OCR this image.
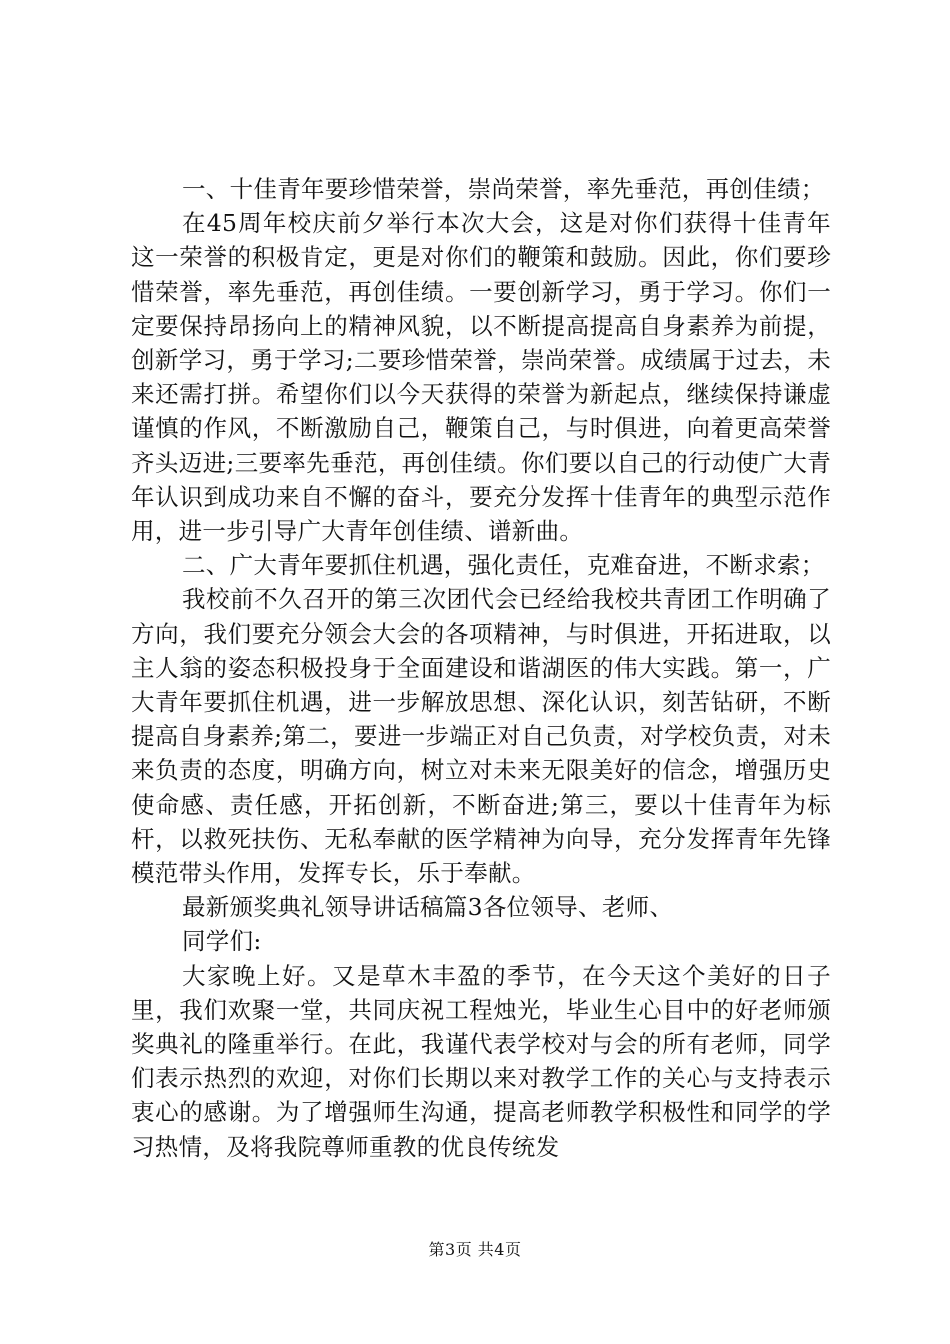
一、十佳青年要珍惜荣誉，崇尚荣誉，率先垂范，再创佳绩；

在45周年校庆前夕举行本次大会，这是对你们获得十佳青年这一荣誉的积极肯定，更是对你们的鞭策和鼓励。因此，你们要珍惜荣誉，率先垂范，再创佳绩。一要创新学习，勇于学习。你们一定要保持昂扬向上的精神风貌，以不断提高提高自身素养为前提，创新学习，勇于学习;二要珍惜荣誉，崇尚荣誉。成绩属于过去，未来还需打拼。希望你们以今天获得的荣誉为新起点，继续保持谦虚谨慎的作风，不断激励自己，鞭策自己，与时俱进，向着更高荣誉齐头迈进;三要率先垂范，再创佳绩。你们要以自己的行动使广大青年认识到成功来自不懈的奋斗，要充分发挥十佳青年的典型示范作用，进一步引导广大青年创佳绩、谱新曲。

二、广大青年要抓住机遇，强化责任，克难奋进，不断求索；

我校前不久召开的第三次团代会已经给我校共青团工作明确了方向，我们要充分领会大会的各项精神，与时俱进，开拓进取，以主人翁的姿态积极投身于全面建设和谐湖医的伟大实践。第一，广大青年要抓住机遇，进一步解放思想、深化认识，刻苦钻研，不断提高自身素养;第二，要进一步端正对自己负责，对学校负责，对未来负责的态度，明确方向，树立对未来无限美好的信念，增强历史使命感、责任感，开拓创新，不断奋进;第三，要以十佳青年为标杆，以救死扶伤、无私奉献的医学精神为向导，充分发挥青年先锋模范带头作用，发挥专长，乐于奉献。

最新颁奖典礼领导讲话稿篇3各位领导、老师、

同学们:

大家晚上好。又是草木丰盈的季节，在今天这个美好的日子里，我们欢聚一堂，共同庆祝工程烛光，毕业生心目中的好老师颁奖典礼的隆重举行。在此，我谨代表学校对与会的所有老师，同学们表示热烈的欢迎，对你们长期以来对教学工作的关心与支持表示衷心的感谢。为了增强师生沟通，提高老师教学积极性和同学的学习热情，及将我院尊师重教的优良传统发

第3页 共4页
